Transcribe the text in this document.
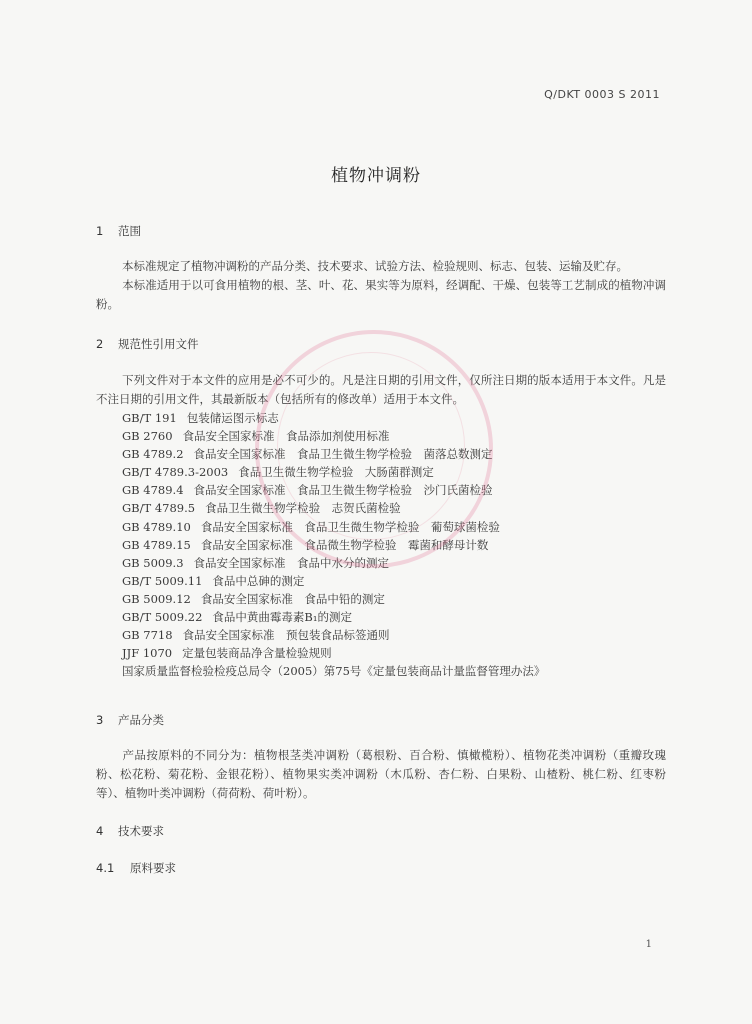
Q/DKT 0003 S 2011
植物冲调粉
1 范围
本标准规定了植物冲调粉的产品分类、技术要求、试验方法、检验规则、标志、包装、运输及贮存。
本标准适用于以可食用植物的根、茎、叶、花、果实等为原料，经调配、干燥、包装等工艺制成的植物冲调粉。
2 规范性引用文件
下列文件对于本文件的应用是必不可少的。凡是注日期的引用文件，仅所注日期的版本适用于本文件。凡是不注日期的引用文件，其最新版本（包括所有的修改单）适用于本文件。
GB/T 191 包装储运图示标志
GB 2760 食品安全国家标准　食品添加剂使用标准
GB 4789.2 食品安全国家标准　食品卫生微生物学检验　菌落总数测定
GB/T 4789.3-2003 食品卫生微生物学检验　大肠菌群测定
GB 4789.4 食品安全国家标准　食品卫生微生物学检验　沙门氏菌检验
GB/T 4789.5 食品卫生微生物学检验　志贺氏菌检验
GB 4789.10 食品安全国家标准　食品卫生微生物学检验　葡萄球菌检验
GB 4789.15 食品安全国家标准　食品微生物学检验　霉菌和酵母计数
GB 5009.3 食品安全国家标准　食品中水分的测定
GB/T 5009.11 食品中总砷的测定
GB 5009.12 食品安全国家标准　食品中铅的测定
GB/T 5009.22 食品中黄曲霉毒素B₁的测定
GB 7718 食品安全国家标准　预包装食品标签通则
JJF 1070 定量包装商品净含量检验规则
国家质量监督检验检疫总局令（2005）第75号《定量包装商品计量监督管理办法》
3 产品分类
产品按原料的不同分为：植物根茎类冲调粉（葛根粉、百合粉、慎橄榄粉）、植物花类冲调粉（重瓣玫瑰粉、松花粉、菊花粉、金银花粉）、植物果实类冲调粉（木瓜粉、杏仁粉、白果粉、山楂粉、桃仁粉、红枣粉等）、植物叶类冲调粉（荷荷粉、荷叶粉）。
4 技术要求
4.1 原料要求
1
